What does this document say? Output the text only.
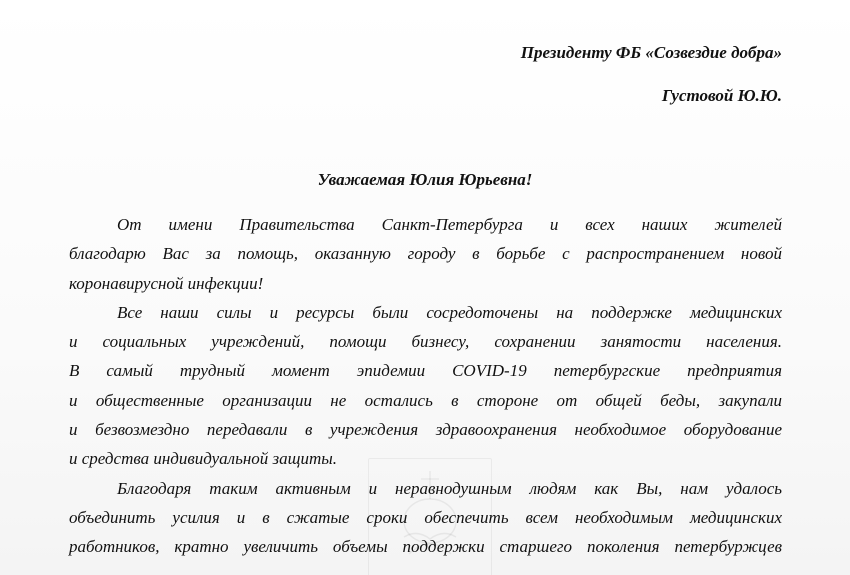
Президенту ФБ «Созвездие добра»
Густовой Ю.Ю.
Уважаемая Юлия Юрьевна!
От имени Правительства Санкт-Петербурга и всех наших жителей
благодарю Вас за помощь, оказанную городу в борьбе с распространением новой
коронавирусной инфекции!
Все наши силы и ресурсы были сосредоточены на поддержке медицинских
и социальных учреждений, помощи бизнесу, сохранении занятости населения.
В самый трудный момент эпидемии COVID-19 петербургские предприятия
и общественные организации не остались в стороне от общей беды, закупали
и безвозмездно передавали в учреждения здравоохранения необходимое оборудование
и средства индивидуальной защиты.
Благодаря таким активным и неравнодушным людям как Вы, нам удалось
объединить усилия и в сжатые сроки обеспечить всем необходимым медицинских
работников, кратно увеличить объемы поддержки старшего поколения петербуржцев
